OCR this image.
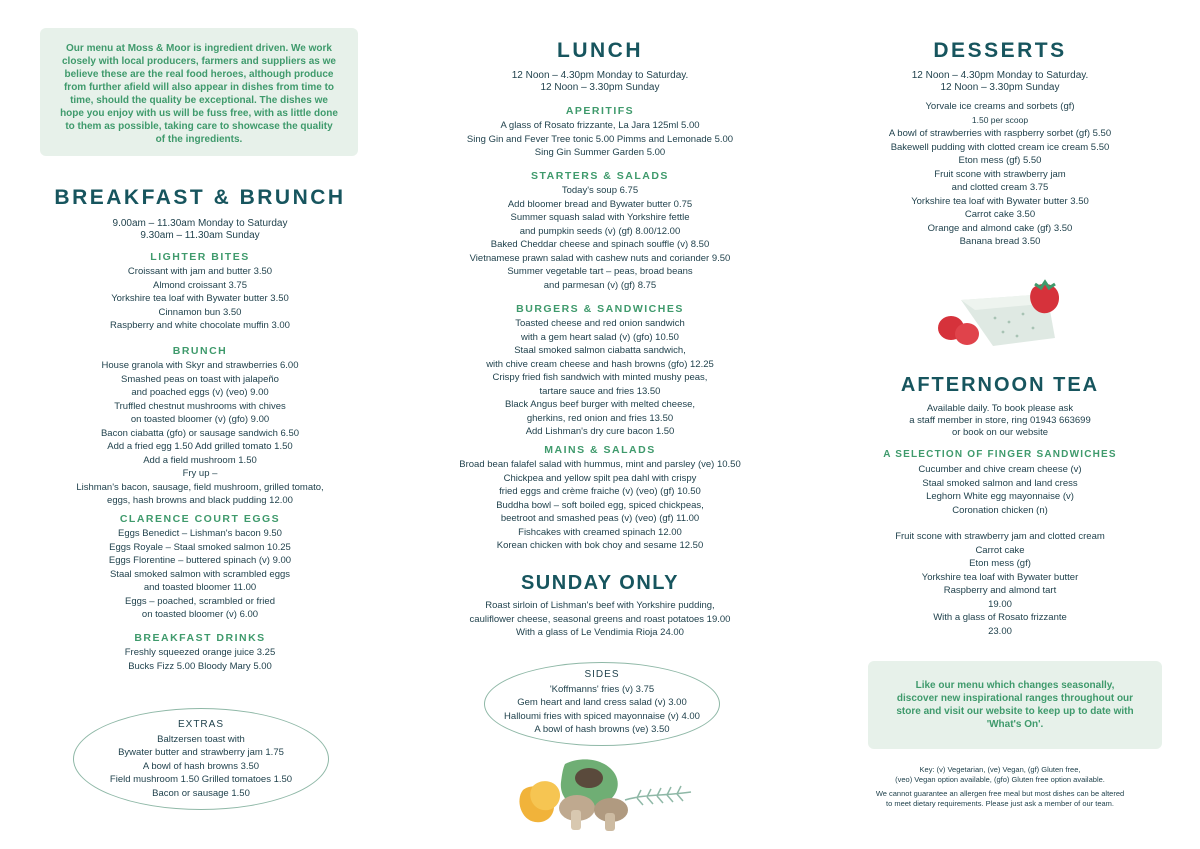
Our menu at Moss & Moor is ingredient driven. We work closely with local producers, farmers and suppliers as we believe these are the real food heroes, although produce from further afield will also appear in dishes from time to time, should the quality be exceptional. The dishes we hope you enjoy with us will be fuss free, with as little done to them as possible, taking care to showcase the quality of the ingredients.
BREAKFAST & BRUNCH
9.00am – 11.30am Monday to Saturday
9.30am – 11.30am Sunday
LIGHTER BITES
Croissant with jam and butter 3.50
Almond croissant 3.75
Yorkshire tea loaf with Bywater butter 3.50
Cinnamon bun 3.50
Raspberry and white chocolate muffin 3.00
BRUNCH
House granola with Skyr and strawberries 6.00
Smashed peas on toast with jalapeño
and poached eggs (v) (veo) 9.00
Truffled chestnut mushrooms with chives
on toasted bloomer (v) (gfo) 9.00
Bacon ciabatta (gfo) or sausage sandwich 6.50
Add a fried egg 1.50 Add grilled tomato 1.50
Add a field mushroom 1.50
Fry up –
Lishman's bacon, sausage, field mushroom, grilled tomato,
eggs, hash browns and black pudding 12.00
CLARENCE COURT EGGS
Eggs Benedict – Lishman's bacon 9.50
Eggs Royale – Staal smoked salmon 10.25
Eggs Florentine – buttered spinach (v) 9.00
Staal smoked salmon with scrambled eggs
and toasted bloomer 11.00
Eggs – poached, scrambled or fried
on toasted bloomer (v) 6.00
BREAKFAST DRINKS
Freshly squeezed orange juice 3.25
Bucks Fizz 5.00 Bloody Mary 5.00
EXTRAS
Baltzersen toast with
Bywater butter and strawberry jam 1.75
A bowl of hash browns 3.50
Field mushroom 1.50 Grilled tomatoes 1.50
Bacon or sausage 1.50
LUNCH
12 Noon – 4.30pm Monday to Saturday.
12 Noon – 3.30pm Sunday
APERITIFS
A glass of Rosato frizzante, La Jara 125ml 5.00
Sing Gin and Fever Tree tonic 5.00 Pimms and Lemonade 5.00
Sing Gin Summer Garden 5.00
STARTERS & SALADS
Today's soup 6.75
Add bloomer bread and Bywater butter 0.75
Summer squash salad with Yorkshire fettle
and pumpkin seeds (v) (gf) 8.00/12.00
Baked Cheddar cheese and spinach souffle (v) 8.50
Vietnamese prawn salad with cashew nuts and coriander 9.50
Summer vegetable tart – peas, broad beans
and parmesan (v) (gf) 8.75
BURGERS & SANDWICHES
Toasted cheese and red onion sandwich
with a gem heart salad (v) (gfo) 10.50
Staal smoked salmon ciabatta sandwich,
with chive cream cheese and hash browns (gfo) 12.25
Crispy fried fish sandwich with minted mushy peas,
tartare sauce and fries 13.50
Black Angus beef burger with melted cheese,
gherkins, red onion and fries 13.50
Add Lishman's dry cure bacon 1.50
MAINS & SALADS
Broad bean falafel salad with hummus, mint and parsley (ve) 10.50
Chickpea and yellow spilt pea dahl with crispy
fried eggs and crème fraiche (v) (veo) (gf) 10.50
Buddha bowl – soft boiled egg, spiced chickpeas,
beetroot and smashed peas (v) (veo) (gf) 11.00
Fishcakes with creamed spinach 12.00
Korean chicken with bok choy and sesame 12.50
SUNDAY ONLY
Roast sirloin of Lishman's beef with Yorkshire pudding,
cauliflower cheese, seasonal greens and roast potatoes 19.00
With a glass of Le Vendimia Rioja 24.00
SIDES
'Koffmanns' fries (v) 3.75
Gem heart and land cress salad (v) 3.00
Halloumi fries with spiced mayonnaise (v) 4.00
A bowl of hash browns (ve) 3.50
DESSERTS
12 Noon – 4.30pm Monday to Saturday.
12 Noon – 3.30pm Sunday
Yorvale ice creams and sorbets (gf)
1.50 per scoop
A bowl of strawberries with raspberry sorbet (gf) 5.50
Bakewell pudding with clotted cream ice cream 5.50
Eton mess (gf) 5.50
Fruit scone with strawberry jam
and clotted cream 3.75
Yorkshire tea loaf with Bywater butter 3.50
Carrot cake 3.50
Orange and almond cake (gf) 3.50
Banana bread 3.50
AFTERNOON TEA
Available daily. To book please ask
a staff member in store, ring 01943 663699
or book on our website
A SELECTION OF FINGER SANDWICHES
Cucumber and chive cream cheese (v)
Staal smoked salmon and land cress
Leghorn White egg mayonnaise (v)
Coronation chicken (n)
Fruit scone with strawberry jam and clotted cream
Carrot cake
Eton mess (gf)
Yorkshire tea loaf with Bywater butter
Raspberry and almond tart
19.00
With a glass of Rosato frizzante
23.00
Like our menu which changes seasonally, discover new inspirational ranges throughout our store and visit our website to keep up to date with 'What's On'.
Key: (v) Vegetarian, (ve) Vegan, (gf) Gluten free,
(veo) Vegan option available, (gfo) Gluten free option available.
We cannot guarantee an allergen free meal but most dishes can be altered
to meet dietary requirements. Please just ask a member of our team.
